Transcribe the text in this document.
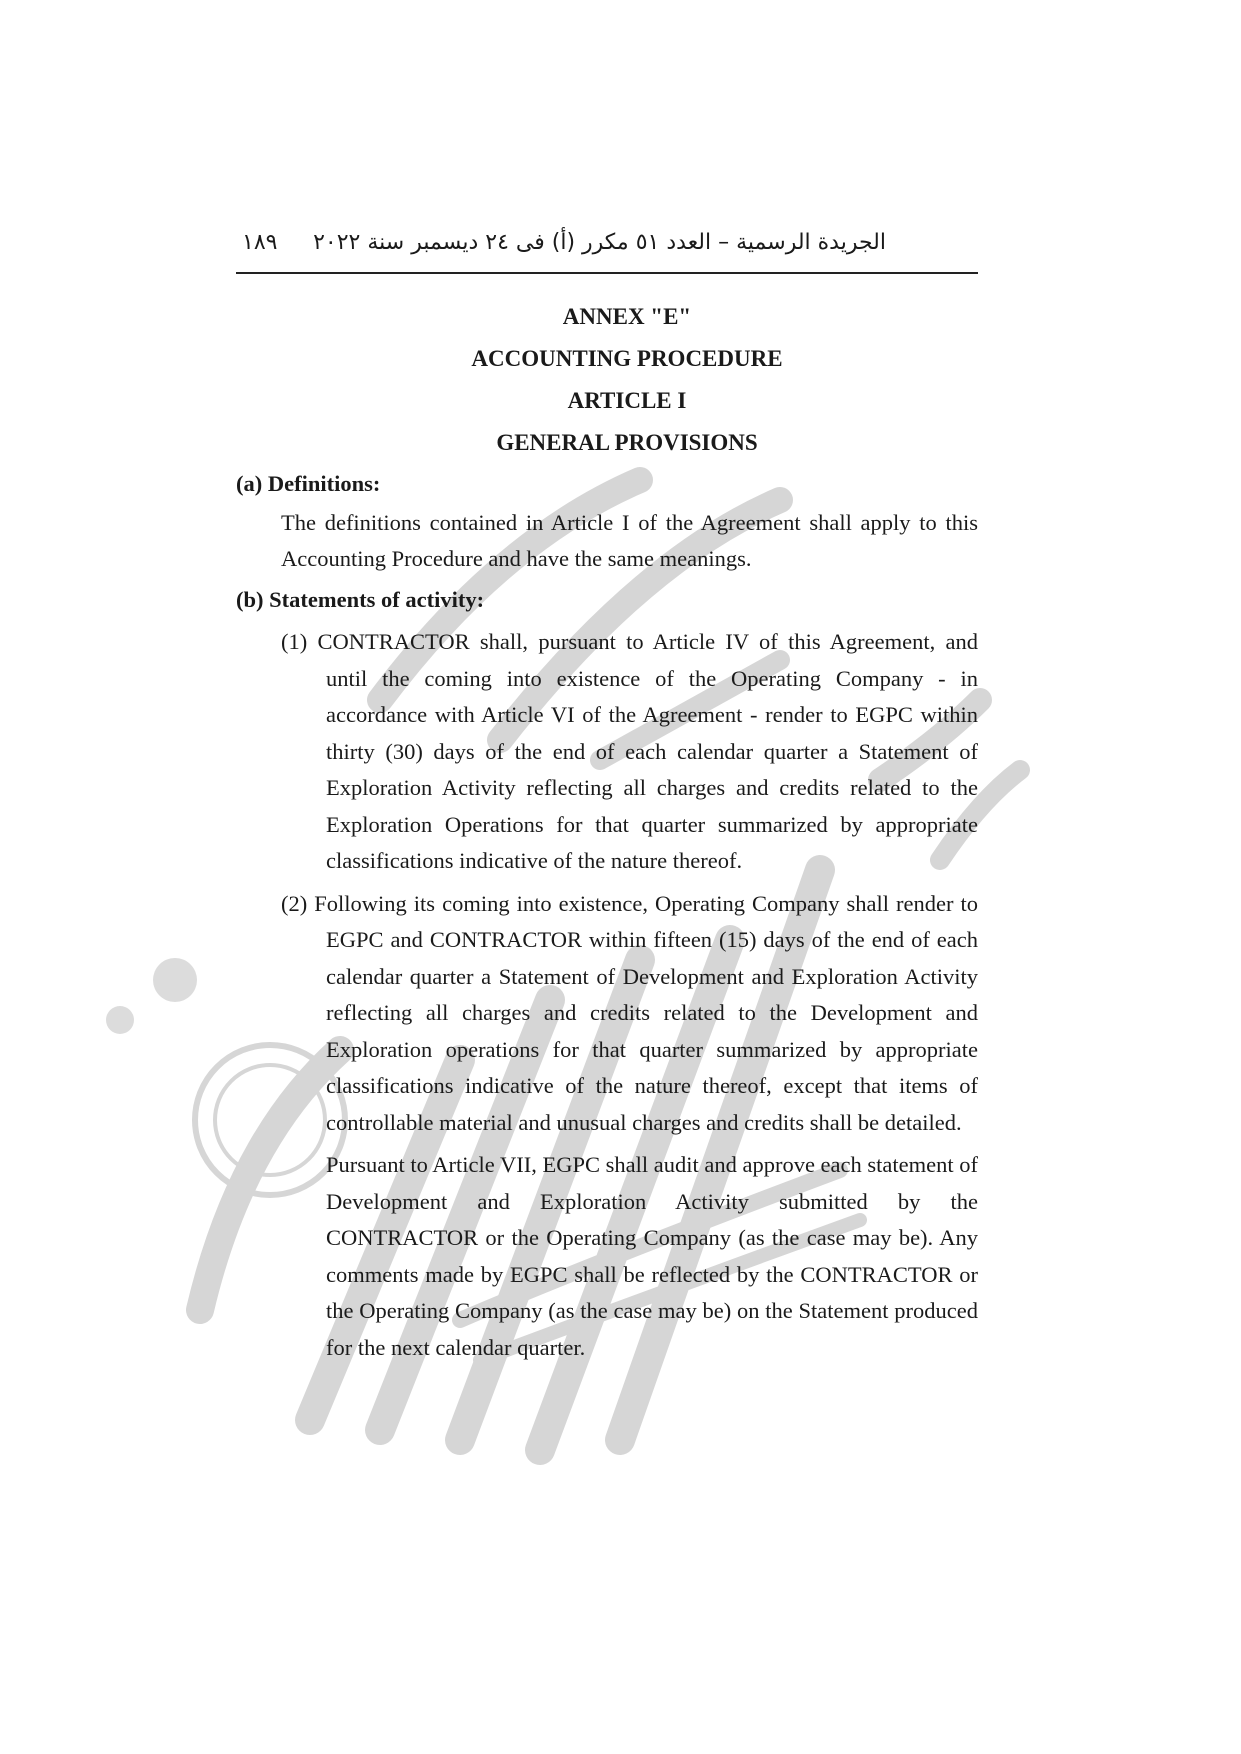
١٨٩ الجريدة الرسمية – العدد ٥١ مكرر (أ) فى ٢٤ ديسمبر سنة ٢٠٢٢
ANNEX "E"
ACCOUNTING PROCEDURE
ARTICLE I
GENERAL PROVISIONS
(a) Definitions:
The definitions contained in Article I of the Agreement shall apply to this Accounting Procedure and have the same meanings.
(b) Statements of activity:
(1) CONTRACTOR shall, pursuant to Article IV of this Agreement, and until the coming into existence of the Operating Company - in accordance with Article VI of the Agreement - render to EGPC within thirty (30) days of the end of each calendar quarter a Statement of Exploration Activity reflecting all charges and credits related to the Exploration Operations for that quarter summarized by appropriate classifications indicative of the nature thereof.
(2) Following its coming into existence, Operating Company shall render to EGPC and CONTRACTOR within fifteen (15) days of the end of each calendar quarter a Statement of Development and Exploration Activity reflecting all charges and credits related to the Development and Exploration operations for that quarter summarized by appropriate classifications indicative of the nature thereof, except that items of controllable material and unusual charges and credits shall be detailed.
Pursuant to Article VII, EGPC shall audit and approve each statement of Development and Exploration Activity submitted by the CONTRACTOR or the Operating Company (as the case may be). Any comments made by EGPC shall be reflected by the CONTRACTOR or the Operating Company (as the case may be) on the Statement produced for the next calendar quarter.
